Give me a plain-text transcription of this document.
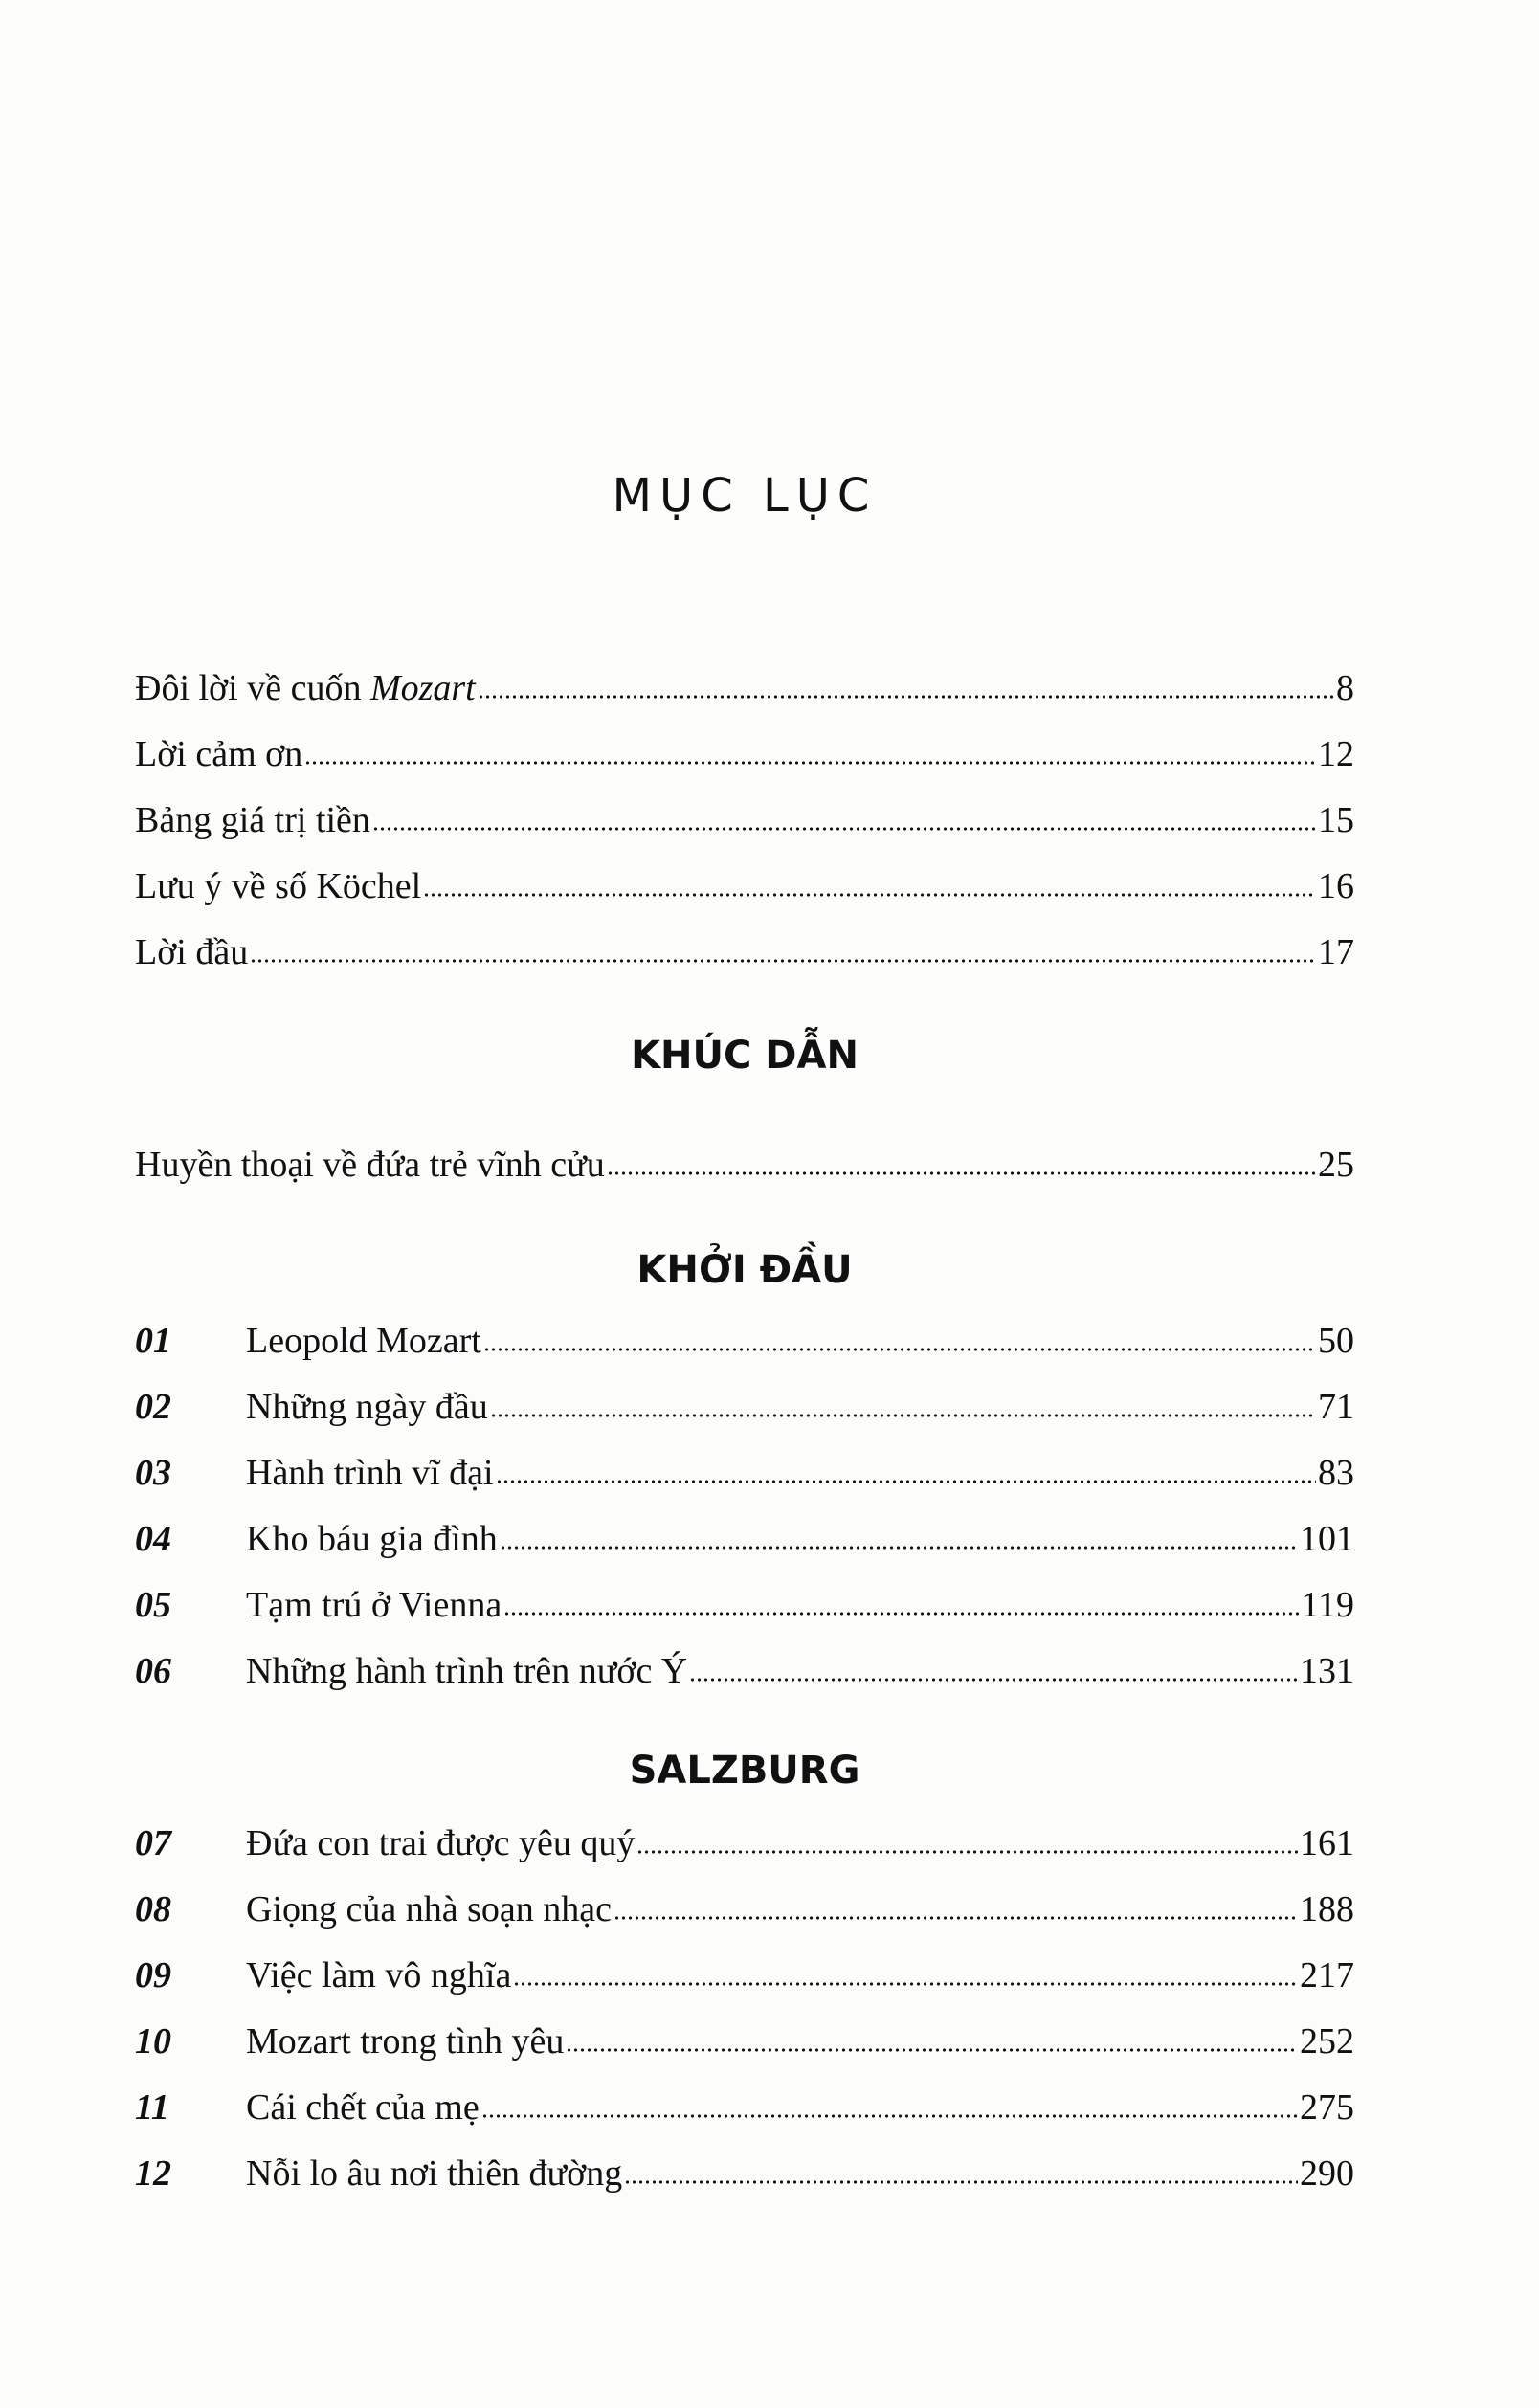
MỤC LỤC
Đôi lời về cuốn Mozart	8
Lời cảm ơn	12
Bảng giá trị tiền	15
Lưu ý về số Köchel	16
Lời đầu	17
KHÚC DẪN
Huyền thoại về đứa trẻ vĩnh cửu	25
KHỞI ĐẦU
01	Leopold Mozart	50
02	Những ngày đầu	71
03	Hành trình vĩ đại	83
04	Kho báu gia đình	101
05	Tạm trú ở Vienna	119
06	Những hành trình trên nước Ý	131
SALZBURG
07	Đứa con trai được yêu quý	161
08	Giọng của nhà soạn nhạc	188
09	Việc làm vô nghĩa	217
10	Mozart trong tình yêu	252
11	Cái chết của mẹ	275
12	Nỗi lo âu nơi thiên đường	290
